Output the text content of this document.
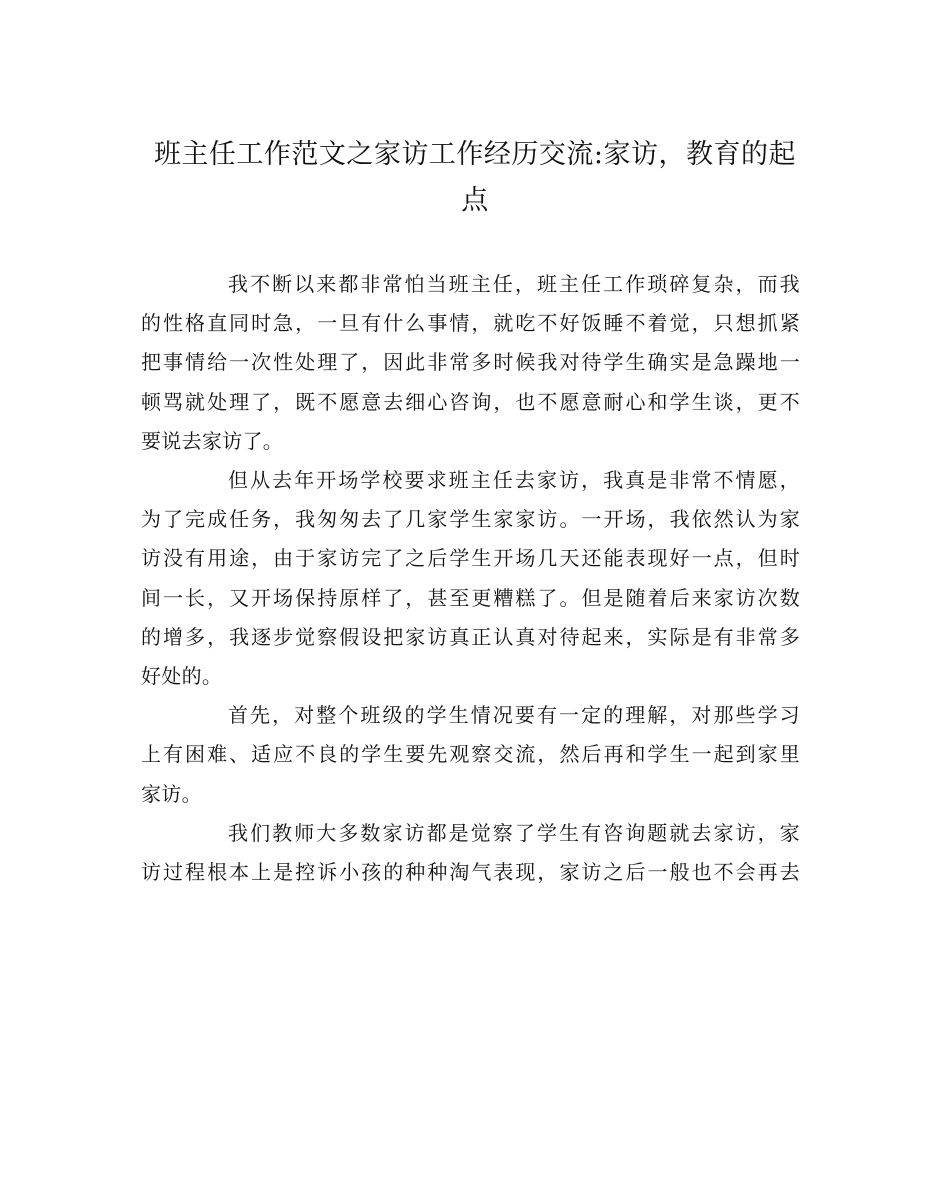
班主任工作范文之家访工作经历交流:家访，教育的起
点

我不断以来都非常怕当班主任，班主任工作琐碎复杂，而我
的性格直同时急，一旦有什么事情，就吃不好饭睡不着觉，只想抓紧
把事情给一次性处理了，因此非常多时候我对待学生确实是急躁地一
顿骂就处理了，既不愿意去细心咨询，也不愿意耐心和学生谈，更不
要说去家访了。

但从去年开场学校要求班主任去家访，我真是非常不情愿，
为了完成任务，我匆匆去了几家学生家家访。一开场，我依然认为家
访没有用途，由于家访完了之后学生开场几天还能表现好一点，但时
间一长，又开场保持原样了，甚至更糟糕了。但是随着后来家访次数
的增多，我逐步觉察假设把家访真正认真对待起来，实际是有非常多
好处的。

首先，对整个班级的学生情况要有一定的理解，对那些学习
上有困难、适应不良的学生要先观察交流，然后再和学生一起到家里
家访。

我们教师大多数家访都是觉察了学生有咨询题就去家访，家
访过程根本上是控诉小孩的种种淘气表现，家访之后一般也不会再去
